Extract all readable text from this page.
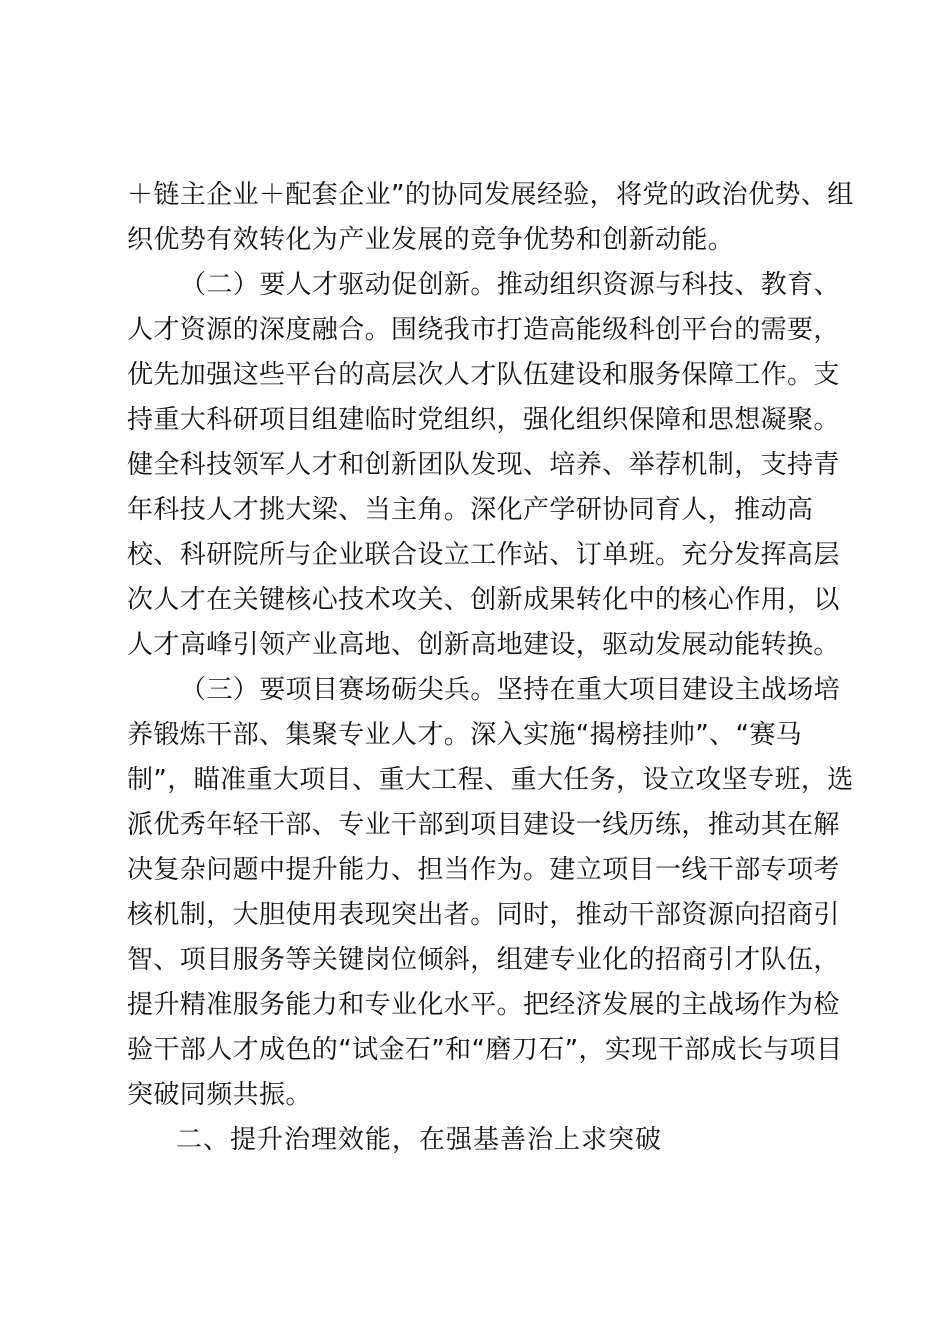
＋链主企业＋配套企业”的协同发展经验，将党的政治优势、组
织优势有效转化为产业发展的竞争优势和创新动能。
（二）要人才驱动促创新。推动组织资源与科技、教育、
人才资源的深度融合。围绕我市打造高能级科创平台的需要，
优先加强这些平台的高层次人才队伍建设和服务保障工作。支
持重大科研项目组建临时党组织，强化组织保障和思想凝聚。
健全科技领军人才和创新团队发现、培养、举荐机制，支持青
年科技人才挑大梁、当主角。深化产学研协同育人，推动高
校、科研院所与企业联合设立工作站、订单班。充分发挥高层
次人才在关键核心技术攻关、创新成果转化中的核心作用，以
人才高峰引领产业高地、创新高地建设，驱动发展动能转换。
（三）要项目赛场砺尖兵。坚持在重大项目建设主战场培
养锻炼干部、集聚专业人才。深入实施“揭榜挂帅”、“赛马
制”，瞄准重大项目、重大工程、重大任务，设立攻坚专班，选
派优秀年轻干部、专业干部到项目建设一线历练，推动其在解
决复杂问题中提升能力、担当作为。建立项目一线干部专项考
核机制，大胆使用表现突出者。同时，推动干部资源向招商引
智、项目服务等关键岗位倾斜，组建专业化的招商引才队伍，
提升精准服务能力和专业化水平。把经济发展的主战场作为检
验干部人才成色的“试金石”和“磨刀石”，实现干部成长与项目
突破同频共振。
二、提升治理效能，在强基善治上求突破
